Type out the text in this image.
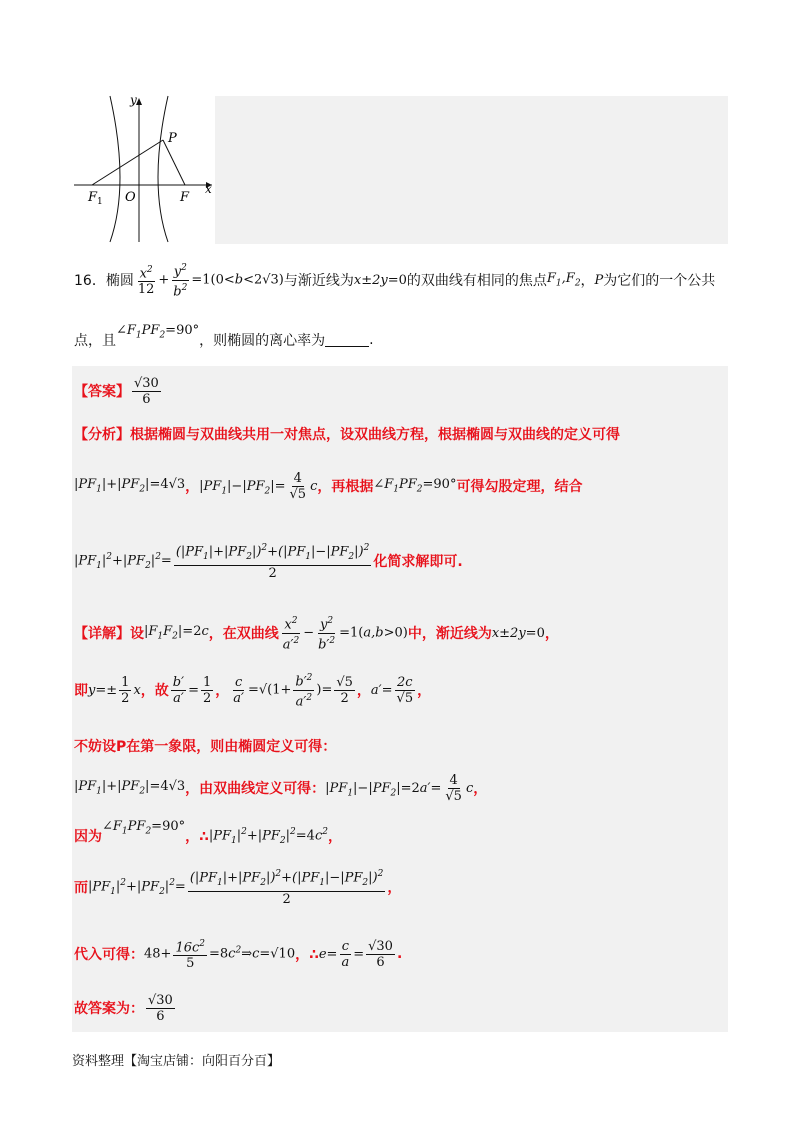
y
P
F 1 O	F
x
16． 椭圆 $\frac{x^2}{12} + \frac{y^2}{b^2} =1(0<b<2√3)$ 与渐近线为 x±2y=0 的双曲线有相同的焦点 $F_1,F_2$ ， P 为它们的一个公共
点，且
$\angle F_1PF_2=90^\circ$
，则椭圆的离心率为	.
【答案】 $\frac{√30}{6}$
【分析】 根据椭圆与双曲线共用一对焦点，设双曲线方程，根据椭圆与双曲线的定义可得
$|PF_1|+|PF_2|=4√3$ ， $|PF_1|-|PF_2|= \frac{4}{√5}$ c ，再根据 $\angle F_1PF_2=90^\circ$ 可得勾股定理，结合
$|PF_1|^2+|PF_2|^2= \frac{(|PF_1|+|PF_2|)^2+(|PF_1|-|PF_2|)^2}{2}$ 化简求解即可.
【详解】 设 $|F_1F_2|=2c$ ，在双曲线 $\frac{x^2}{a'^2} - \frac{y^2}{b'^2} =1(a,b>0)$ 中，渐近线为 x±2y=0 ，
即 $y=\pm \frac{1}{2}$ x ，故 $\frac{b'}{a'} = \frac{1}{2}$ ， $\frac{c}{a'} =√(1+ \frac{b'^2}{a'^2}$ )= $\frac{√5}{2}$ ， $a'= \frac{2c}{√5}$ ，
不妨设P在第一象限，则由椭圆定义可得：
$|PF_1|+|PF_2|=4√3$ ，由双曲线定义可得： $|PF_1|-|PF_2|=2a'= \frac{4}{√5}$ c ，
因为
$\angle F_1PF_2=90^\circ$
，∴ $|PF_1|^2+|PF_2|^2=4c^2$ ，
而 $|PF_1|^2+|PF_2|^2= \frac{(|PF_1|+|PF_2|)^2+(|PF_1|-|PF_2|)^2}{2}$ ，
代入可得： $48+ \frac{16c^2}{5}$ $=8c^2\Rightarrow c=√10$ ，∴ $e= \frac{c}{a} = \frac{√30}{6}$ .
故答案为： $\frac{√30}{6}$
资料整理【淘宝店铺：向阳百分百】
